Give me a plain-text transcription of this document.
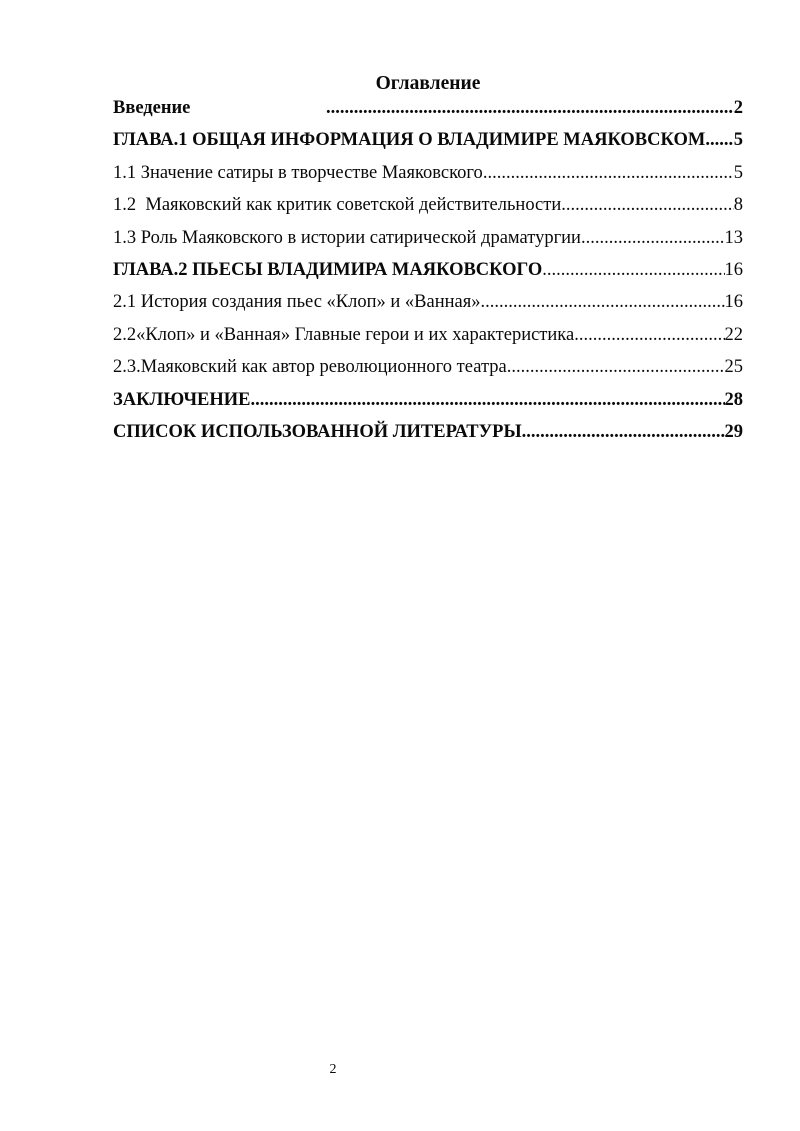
Оглавление
Введение .....	2
ГЛАВА.1 ОБЩАЯ ИНФОРМАЦИЯ О ВЛАДИМИРЕ МАЯКОВСКОМ. ..... 5
1.1 Значение сатиры в творчестве Маяковского .....	5
1.2  Маяковский как критик советской действительности .....	8
1.3 Роль Маяковского в истории сатирической драматургии .....	13
ГЛАВА.2 ПЬЕСЫ ВЛАДИМИРА МАЯКОВСКОГО .....	16
2.1 История создания пьес «Клоп» и «Ванная» .....	16
2.2«Клоп» и «Ванная» Главные герои и их характеристика .....	22
2.3.Маяковский как автор революционного театра .....	25
ЗАКЛЮЧЕНИЕ .....	28
СПИСОК ИСПОЛЬЗОВАННОЙ ЛИТЕРАТУРЫ .....	29
2
